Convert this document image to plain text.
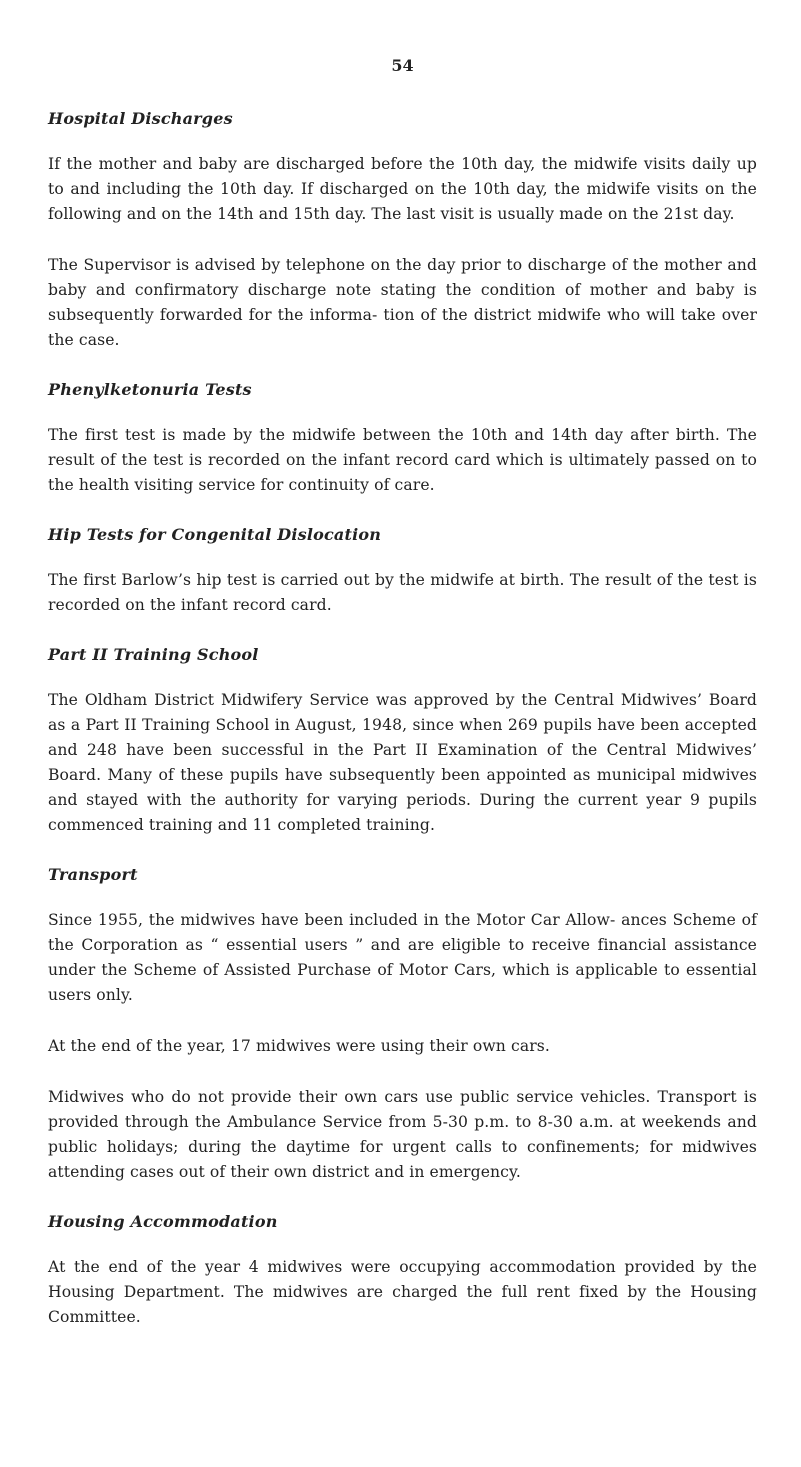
54
Hospital Discharges

If the mother and baby are discharged before the 10th day, the midwife visits daily up to and including the 10th day. If discharged on the 10th day, the midwife visits on the following and on the 14th and 15th day. The last visit is usually made on the 21st day.

The Supervisor is advised by telephone on the day prior to discharge of the mother and baby and confirmatory discharge note stating the condition of mother and baby is subsequently forwarded for the informa- tion of the district midwife who will take over the case.

Phenylketonuria Tests

The first test is made by the midwife between the 10th and 14th day after birth. The result of the test is recorded on the infant record card which is ultimately passed on to the health visiting service for continuity of care.

Hip Tests for Congenital Dislocation

The first Barlow’s hip test is carried out by the midwife at birth. The result of the test is recorded on the infant record card.

Part II Training School

The Oldham District Midwifery Service was approved by the Central Midwives’ Board as a Part II Training School in August, 1948, since when 269 pupils have been accepted and 248 have been successful in the Part II Examination of the Central Midwives’ Board. Many of these pupils have subsequently been appointed as municipal midwives and stayed with the authority for varying periods. During the current year 9 pupils commenced training and 11 completed training.

Transport

Since 1955, the midwives have been included in the Motor Car Allow- ances Scheme of the Corporation as “ essential users ” and are eligible to receive financial assistance under the Scheme of Assisted Purchase of Motor Cars, which is applicable to essential users only.

At the end of the year, 17 midwives were using their own cars.

Midwives who do not provide their own cars use public service vehicles. Transport is provided through the Ambulance Service from 5-30 p.m. to 8-30 a.m. at weekends and public holidays; during the daytime for urgent calls to confinements; for midwives attending cases out of their own district and in emergency.

Housing Accommodation

At the end of the year 4 midwives were occupying accommodation provided by the Housing Department. The midwives are charged the full rent fixed by the Housing Committee.
